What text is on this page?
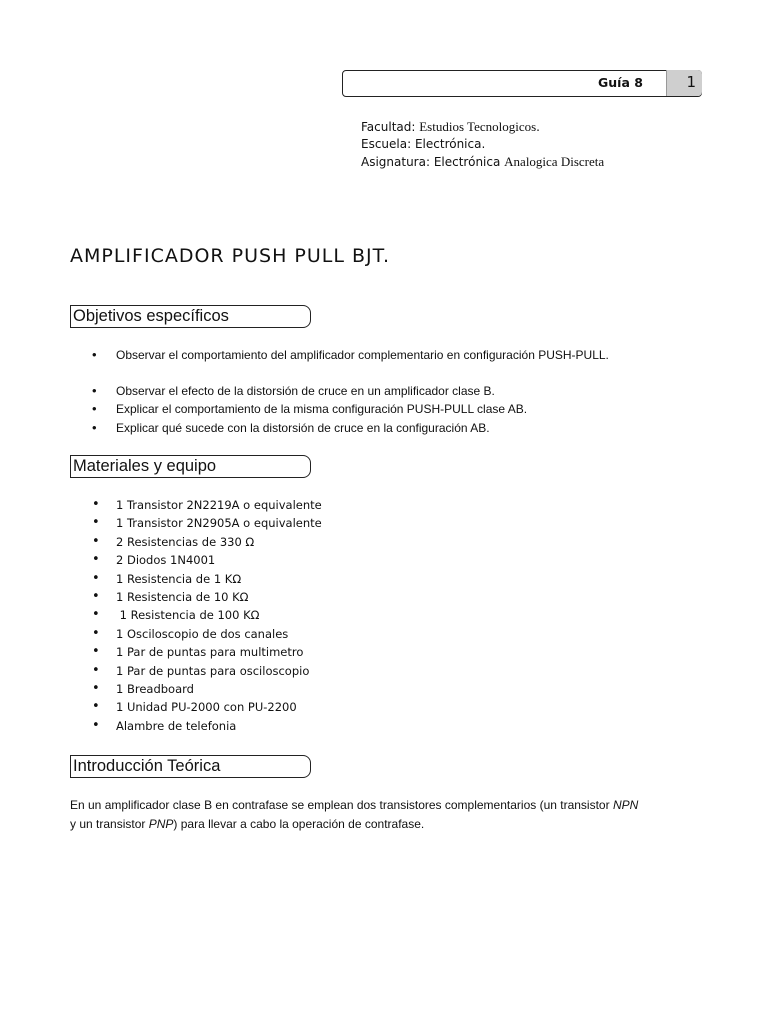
Guía 8	1
Facultad: Estudios Tecnologicos.
Escuela: Electrónica.
Asignatura: Electrónica Analogica Discreta
AMPLIFICADOR PUSH PULL BJT.
Objetivos específicos
• Observar el comportamiento del amplificador complementario en configuración PUSH-PULL.
• Observar el efecto de la distorsión de cruce en un amplificador clase B.
• Explicar el comportamiento de la misma configuración PUSH-PULL clase AB.
• Explicar qué sucede con la distorsión de cruce en la configuración AB.
Materiales y equipo
• 1 Transistor 2N2219A o equivalente
• 1 Transistor 2N2905A o equivalente
• 2 Resistencias de 330 Ω
• 2 Diodos 1N4001
• 1 Resistencia de 1 KΩ
• 1 Resistencia de 10 KΩ
•  1 Resistencia de 100 KΩ
• 1 Osciloscopio de dos canales
• 1 Par de puntas para multimetro
• 1 Par de puntas para osciloscopio
• 1 Breadboard
• 1 Unidad PU-2000 con PU-2200
• Alambre de telefonia
Introducción Teórica

En un amplificador clase B en contrafase se emplean dos transistores complementarios (un transistor NPN
y un transistor PNP) para llevar a cabo la operación de contrafase.
